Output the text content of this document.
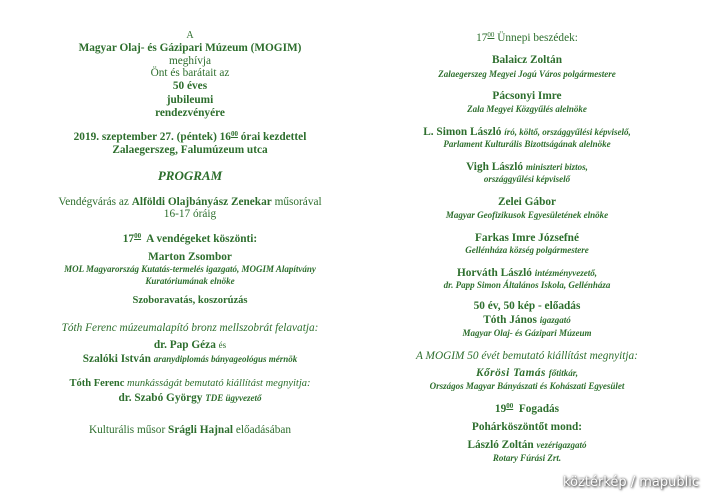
A
Magyar Olaj- és Gázipari Múzeum (MOGIM)
meghívja
Önt és barátait az
50 éves
jubileumi
rendezvényére
2019. szeptember 27. (péntek) $16^{00}$ órai kezdettel
Zalaegerszeg, Falumúzeum utca
PROGRAM
Vendégvárás az Alföldi Olajbányász Zenekar műsorával
16-17 óráig
$17^{00}$ A vendégeket köszönti:
Marton Zsombor
MOL Magyarország Kutatás-termelés igazgató, MOGIM Alapítvány
Kuratóriumának elnöke
Szoboravatás, koszorúzás
Tóth Ferenc múzeumalapító bronz mellszobrát felavatja:
dr. Pap Géza és
Szalóki István aranydiplomás bányageológus mérnök
Tóth Ferenc munkásságát bemutató kiállítást megnyitja:
dr. Szabó György TDE ügyvezető
Kulturális műsor Srágli Hajnal előadásában
$17^{00}$ Ünnepi beszédek:
Balaicz Zoltán
Zalaegerszeg Megyei Jogú Város polgármestere
Pácsonyi Imre
Zala Megyei Közgyűlés alelnöke
L. Simon László író, költő, országgyűlési képviselő,
Parlament Kulturális Bizottságának alelnöke
Vigh László miniszteri biztos,
országgyűlési képviselő
Zelei Gábor
Magyar Geofizikusok Egyesületének elnöke
Farkas Imre Józsefné
Gellénháza község polgármestere
Horváth László intézményvezető,
dr. Papp Simon Általános Iskola, Gellénháza
50 év, 50 kép - előadás
Tóth János igazgató
Magyar Olaj- és Gázipari Múzeum
A MOGIM 50 évét bemutató kiállítást megnyitja:
Kőrösi Tamás főtitkár,
Országos Magyar Bányászati és Kohászati Egyesület
$19^{00}$ Fogadás
Pohárköszöntőt mond:
László Zoltán vezérigazgató
Rotary Fúrási Zrt.
köztérkép / mapublic
